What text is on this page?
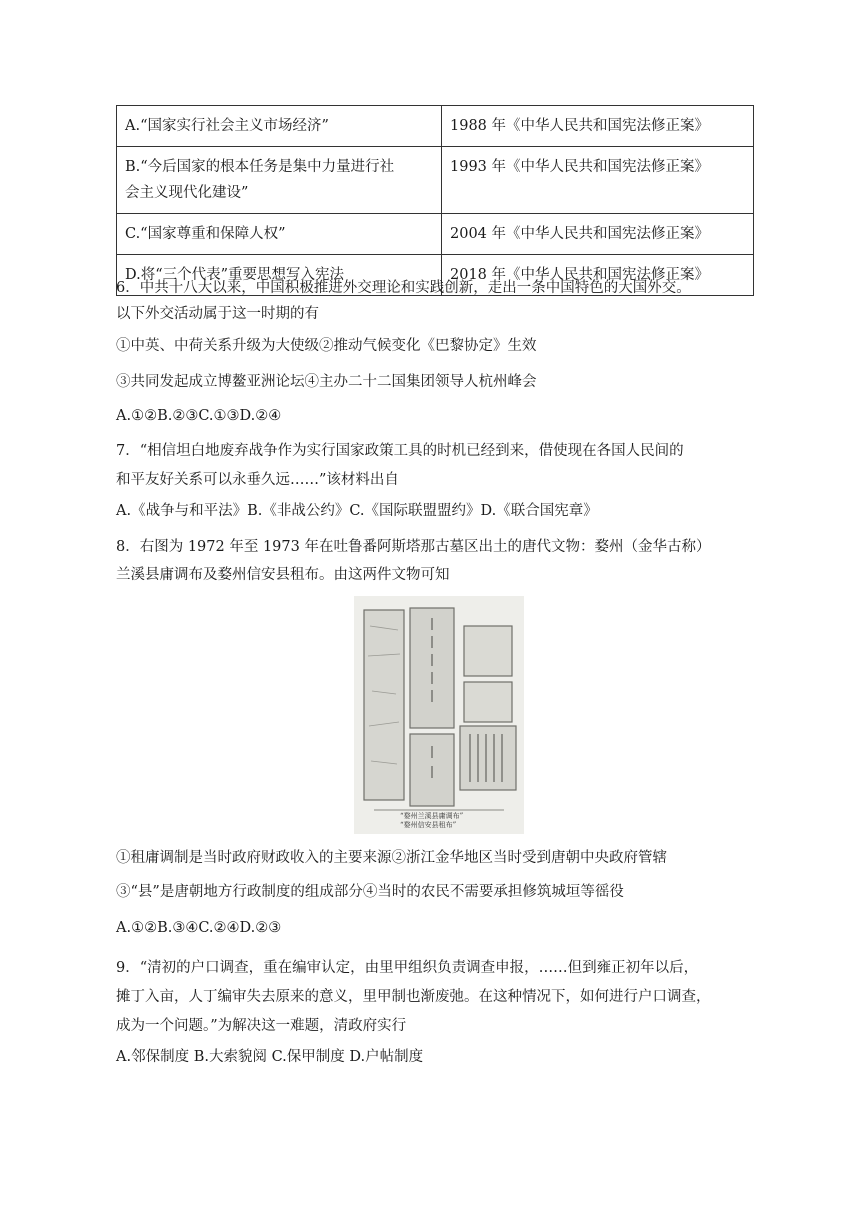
A.“国家实行社会主义市场经济”	1988 年《中华人民共和国宪法修正案》

B.“今后国家的根本任务是集中力量进行社
会主义现代化建设”	1993 年《中华人民共和国宪法修正案》
C.“国家尊重和保障人权”	2004 年《中华人民共和国宪法修正案》
D.将“三个代表”重要思想写入宪法	2018 年《中华人民共和国宪法修正案》
6．中共十八大以来，中国积极推进外交理论和实践创新，走出一条中国特色的大国外交。
以下外交活动属于这一时期的有
①中英、中荷关系升级为大使级②推动气候变化《巴黎协定》生效
③共同发起成立博鳌亚洲论坛④主办二十二国集团领导人杭州峰会
A.①②B.②③C.①③D.②④
7．“相信坦白地废弃战争作为实行国家政策工具的时机已经到来，借使现在各国人民间的
和平友好关系可以永垂久远……”该材料出自
A.《战争与和平法》B.《非战公约》C.《国际联盟盟约》D.《联合国宪章》
8．右图为 1972 年至 1973 年在吐鲁番阿斯塔那古墓区出土的唐代文物：婺州（金华古称）
兰溪县庸调布及婺州信安县租布。由这两件文物可知
“婺州兰溪县庸调布”
“婺州信安县租布”
①租庸调制是当时政府财政收入的主要来源②浙江金华地区当时受到唐朝中央政府管辖
③“县”是唐朝地方行政制度的组成部分④当时的农民不需要承担修筑城垣等徭役
A.①②B.③④C.②④D.②③
9．“清初的户口调查，重在编审认定，由里甲组织负责调查申报，……但到雍正初年以后，
摊丁入亩，人丁编审失去原来的意义，里甲制也渐废弛。在这种情况下，如何进行户口调查，
成为一个问题。”为解决这一难题，清政府实行
A.邻保制度 B.大索貌阅 C.保甲制度 D.户帖制度
